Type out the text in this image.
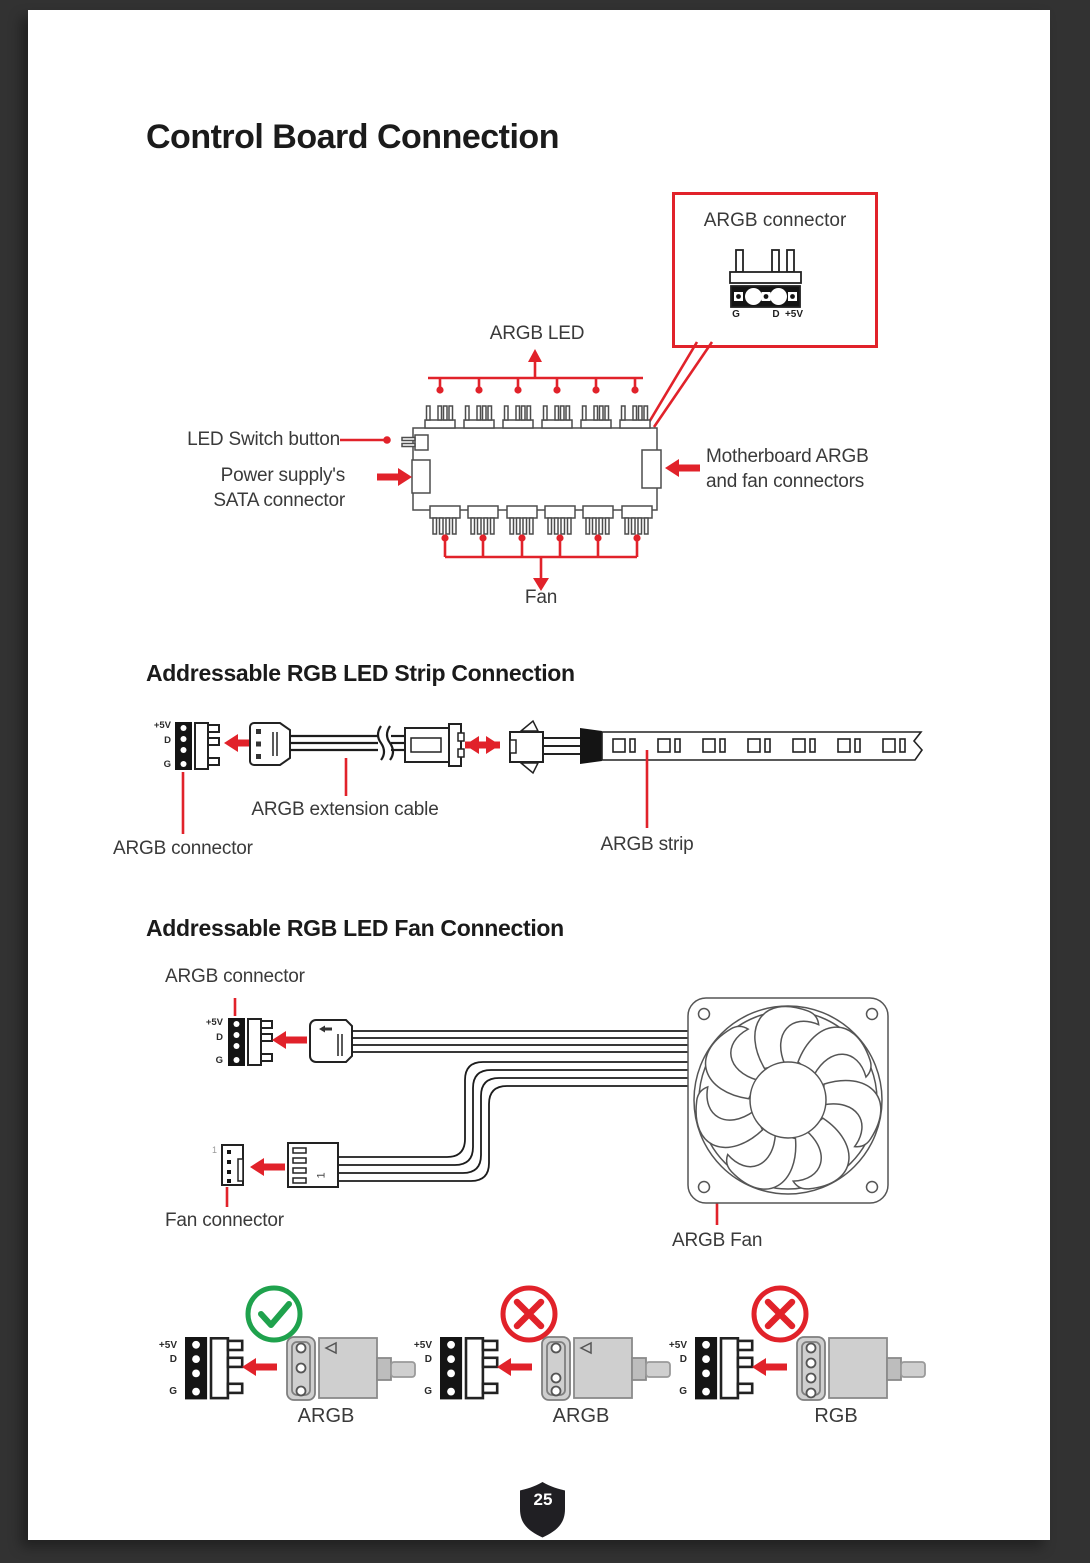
Control Board Connection
ARGB connector
G	D +5V
ARGB LED
LED Switch button
Power supply's
SATA connector
Motherboard ARGB
and fan connectors
Fan
Addressable RGB LED Strip Connection
+5V
D
G
ARGB extension cable
ARGB connector	ARGB strip
Addressable RGB LED Fan Connection
ARGB connector
+5V
D
G
1
1
Fan connector
ARGB Fan
+5V
D
G
+5V
D
G
+5V
D
G
ARGB	ARGB	RGB
25
